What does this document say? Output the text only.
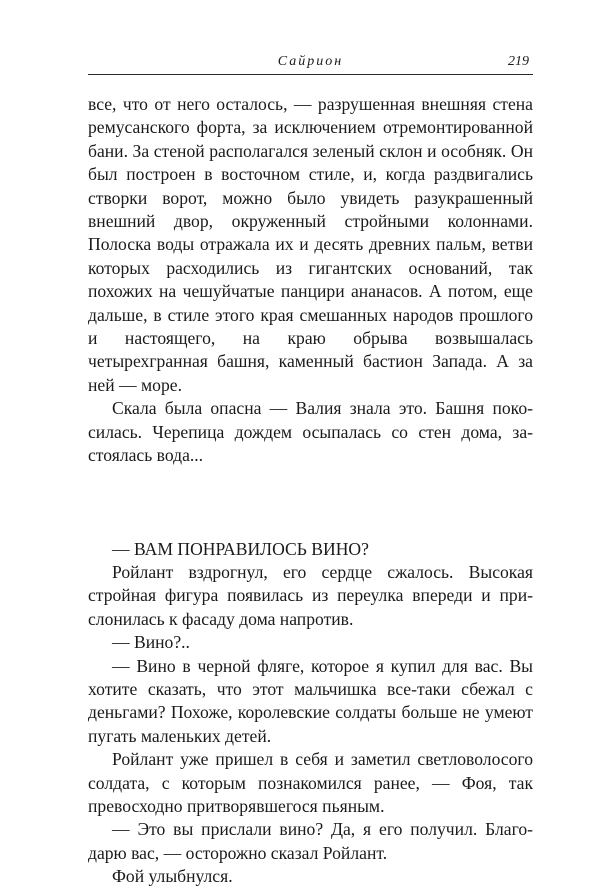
Сайрион	219

все, что от него осталось, — разрушенная внешняя стена ремусанского форта, за исключением отремонтированной бани. За стеной располагался зеленый склон и особняк. Он был построен в восточном стиле, и, когда раздвигались створки ворот, можно было увидеть разукрашенный внешний двор, окруженный стройными колоннами. Полоска воды отражала их и десять древних пальм, ветви которых расходились из гигантских оснований, так похожих на чешуйчатые панцири ананасов. А потом, еще дальше, в стиле этого края смешанных народов прошлого и настоящего, на краю обрыва возвышалась четырехгранная башня, каменный бастион Запада. А за ней — море.

Скала была опасна — Валия знала это. Башня покосилась. Черепица дождем осыпалась со стен дома, застоялась вода...

— ВАМ ПОНРАВИЛОСЬ ВИНО?

Ройлант вздрогнул, его сердце сжалось. Высокая стройная фигура появилась из переулка впереди и прислонилась к фасаду дома напротив.

— Вино?..

— Вино в черной фляге, которое я купил для вас. Вы хотите сказать, что этот мальчишка все-таки сбежал с деньгами? Похоже, королевские солдаты больше не умеют пугать маленьких детей.

Ройлант уже пришел в себя и заметил светловолосого солдата, с которым познакомился ранее, — Фоя, так превосходно притворявшегося пьяным.

— Это вы прислали вино? Да, я его получил. Благодарю вас, — осторожно сказал Ройлант.

Фой улыбнулся.
